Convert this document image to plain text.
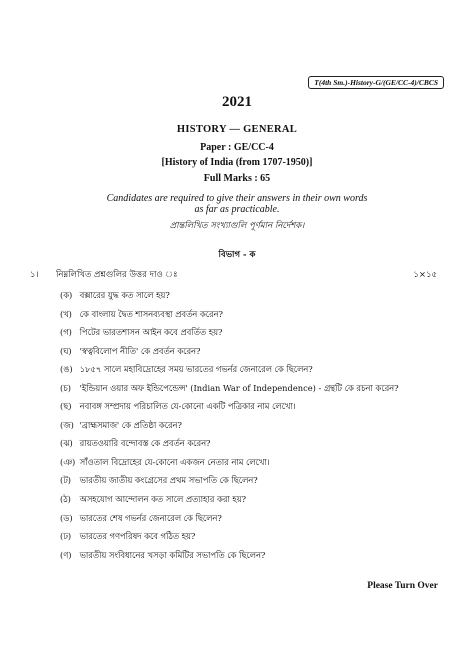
T(4th Sm.)-History-G/(GE/CC-4)/CBCS
2021
HISTORY — GENERAL
Paper : GE/CC-4
[History of India (from 1707-1950)]
Full Marks : 65
Candidates are required to give their answers in their own words
as far as practicable.
প্রান্তলিখিত সংখ্যাগুলি পূর্ণমান নির্দেশক।
বিভাগ - ক
১। নিম্নলিখিত প্রশ্নগুলির উত্তর দাও ঃ	১×১৫
(ক) বক্সারের যুদ্ধ কত সালে হয়?
(খ) কে বাংলায় দ্বৈত শাসনব্যবস্থা প্রবর্তন করেন?
(গ) পিটের ভারতশাসন আইন কবে প্রবর্তিত হয়?
(ঘ) 'স্বত্ববিলোপ নীতি' কে প্রবর্তন করেন?
(ঙ) ১৮৫৭ সালে মহাবিদ্রোহের সময় ভারতের গভর্নর জেনারেল কে ছিলেন?
(চ) 'ইন্ডিয়ান ওয়ার অফ ইন্ডিপেন্ডেন্স' (Indian War of Independence) - গ্রন্থটি কে রচনা করেন?
(ছ) নবাবঙ্গ সম্প্রদায় পরিচালিত যে-কোনো একটি পত্রিকার নাম লেখো।
(জ) 'ব্রাহ্মসমাজ' কে প্রতিষ্ঠা করেন?
(ঝ) রায়তওয়ারি বন্দোবস্ত কে প্রবর্তন করেন?
(ঞ) সাঁওতাল বিদ্রোহের যে-কোনো একজন নেতার নাম লেখো।
(ট) ভারতীয় জাতীয় কংগ্রেসের প্রথম সভাপতি কে ছিলেন?
(ঠ) অসহযোগ আন্দোলন কত সালে প্রত্যাহার করা হয়?
(ড) ভারতের শেষ গভর্নর জেনারেল কে ছিলেন?
(ঢ) ভারতের গণপরিষদ কবে গঠিত হয়?
(ণ) ভারতীয় সংবিধানের খসড়া কমিটির সভাপতি কে ছিলেন?
Please Turn Over
